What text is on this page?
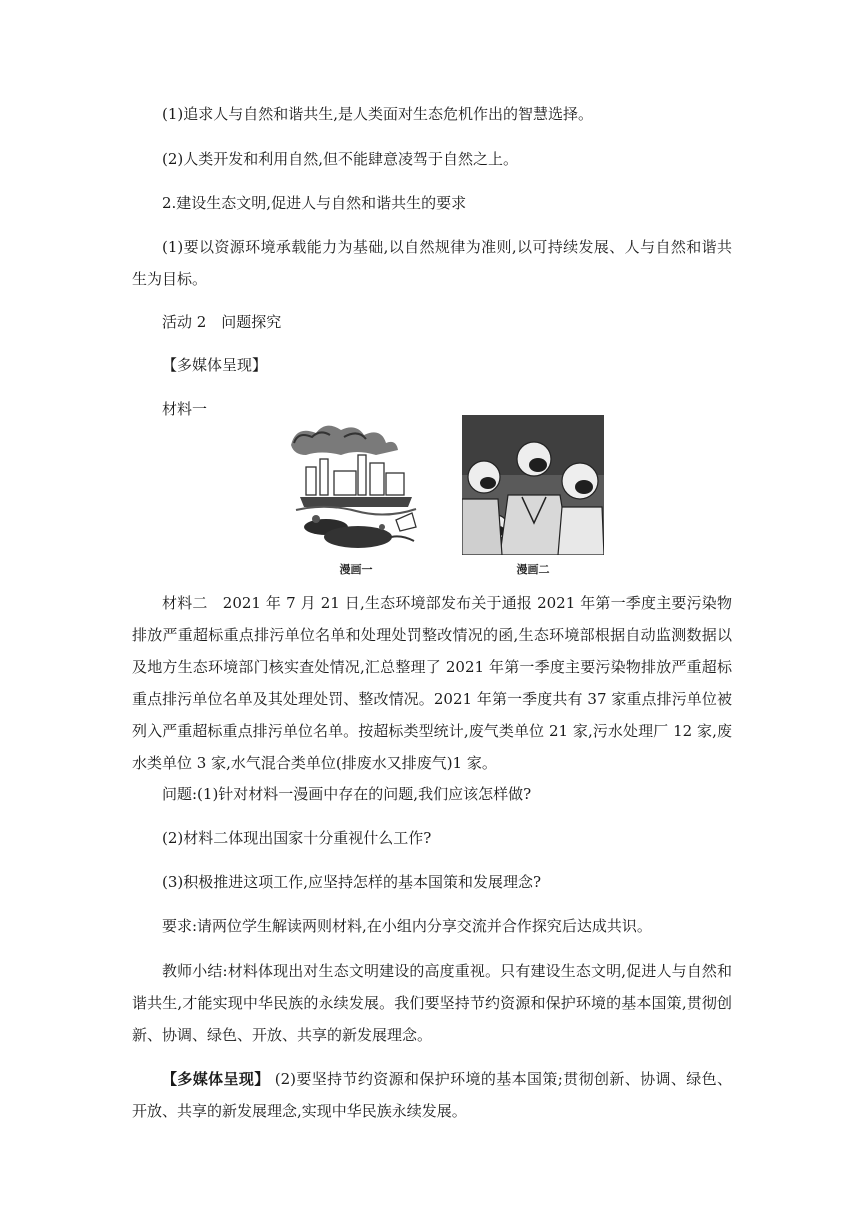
(1)追求人与自然和谐共生,是人类面对生态危机作出的智慧选择。

(2)人类开发和利用自然,但不能肆意凌驾于自然之上。

2.建设生态文明,促进人与自然和谐共生的要求

(1)要以资源环境承载能力为基础,以自然规律为准则,以可持续发展、人与自然和谐共生为目标。

活动 2　问题探究

【多媒体呈现】

材料一

漫画一	漫画二

材料二　2021 年 7 月 21 日,生态环境部发布关于通报 2021 年第一季度主要污染物排放严重超标重点排污单位名单和处理处罚整改情况的函,生态环境部根据自动监测数据以及地方生态环境部门核实查处情况,汇总整理了 2021 年第一季度主要污染物排放严重超标重点排污单位名单及其处理处罚、整改情况。2021 年第一季度共有 37 家重点排污单位被列入严重超标重点排污单位名单。按超标类型统计,废气类单位 21 家,污水处理厂 12 家,废水类单位 3 家,水气混合类单位(排废水又排废气)1 家。

问题:(1)针对材料一漫画中存在的问题,我们应该怎样做?

(2)材料二体现出国家十分重视什么工作?

(3)积极推进这项工作,应坚持怎样的基本国策和发展理念?

要求:请两位学生解读两则材料,在小组内分享交流并合作探究后达成共识。

教师小结:材料体现出对生态文明建设的高度重视。只有建设生态文明,促进人与自然和谐共生,才能实现中华民族的永续发展。我们要坚持节约资源和保护环境的基本国策,贯彻创新、协调、绿色、开放、共享的新发展理念。

【多媒体呈现】 (2)要坚持节约资源和保护环境的基本国策;贯彻创新、协调、绿色、开放、共享的新发展理念,实现中华民族永续发展。
